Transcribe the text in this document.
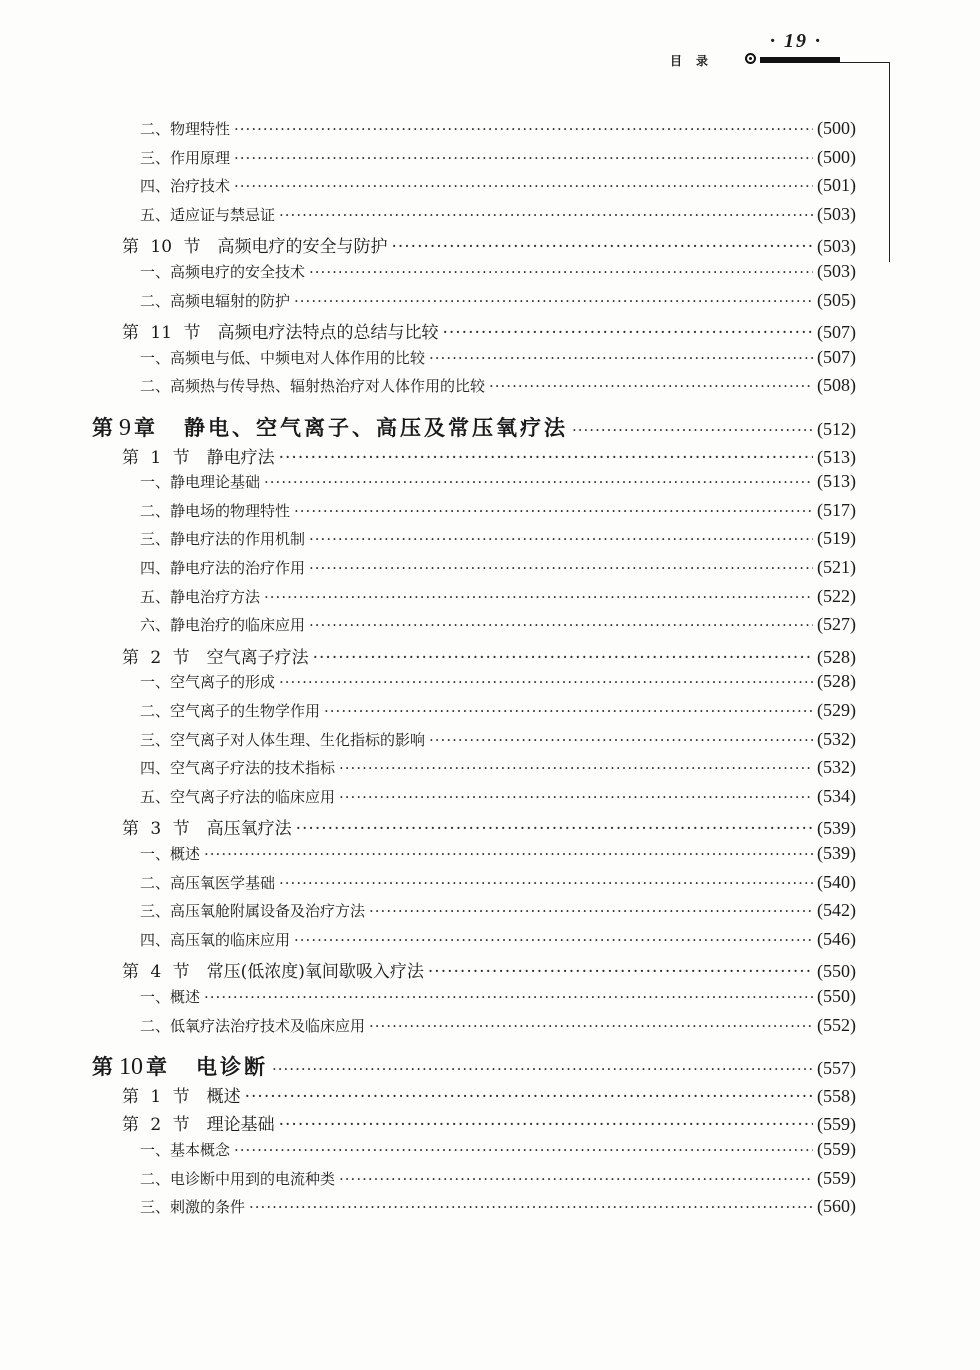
· 19 ·
目录
二、物理特性 ·····	(500)
三、作用原理 ·····	(500)
四、治疗技术 ·····	(501)
五、适应证与禁忌证 ·····	(503)
第 10 节　高频电疗的安全与防护 ·····	(503)
一、高频电疗的安全技术 ·····	(503)
二、高频电辐射的防护 ·····	(505)
第 11 节　高频电疗法特点的总结与比较 ·····	(507)
一、高频电与低、中频电对人体作用的比较 ·····	(507)
二、高频热与传导热、辐射热治疗对人体作用的比较 ·····	(508)
第 9 章 静电、空气离子、高压及常压氧疗法 ·····	(512)
第 1 节　静电疗法 ·····	(513)
一、静电理论基础 ·····	(513)
二、静电场的物理特性 ·····	(517)
三、静电疗法的作用机制 ·····	(519)
四、静电疗法的治疗作用 ·····	(521)
五、静电治疗方法 ·····	(522)
六、静电治疗的临床应用 ·····	(527)
第 2 节　空气离子疗法 ·····	(528)
一、空气离子的形成 ·····	(528)
二、空气离子的生物学作用 ·····	(529)
三、空气离子对人体生理、生化指标的影响 ·····	(532)
四、空气离子疗法的技术指标 ·····	(532)
五、空气离子疗法的临床应用 ·····	(534)
第 3 节　高压氧疗法 ·····	(539)
一、概述 ·····	(539)
二、高压氧医学基础 ·····	(540)
三、高压氧舱附属设备及治疗方法 ·····	(542)
四、高压氧的临床应用 ·····	(546)
第 4 节　常压(低浓度)氧间歇吸入疗法 ·····	(550)
一、概述 ·····	(550)
二、低氧疗法治疗技术及临床应用 ·····	(552)
第 10 章 电诊断 ·····	(557)
第 1 节　概述 ·····	(558)
第 2 节　理论基础 ·····	(559)
一、基本概念 ·····	(559)
二、电诊断中用到的电流种类 ·····	(559)
三、刺激的条件 ·····	(560)
